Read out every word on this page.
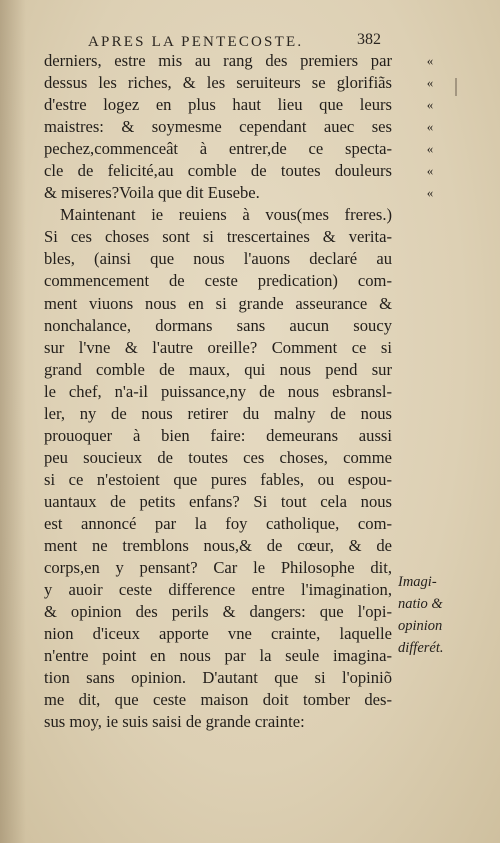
APRES LA PENTECOSTE.	382
derniers, estre mis au rang des premiers par
dessus les riches, & les seruiteurs se glorifiãs
d'estre logez en plus haut lieu que leurs
maistres: & soymesme cependant auec ses
pechez,commenceât à entrer,de ce specta-
cle de felicité,au comble de toutes douleurs
& miseres?Voila que dit Eusebe.
Maintenant ie reuiens à vous(mes freres.)
Si ces choses sont si trescertaines & verita-
bles, (ainsi que nous l'auons declaré au
commencement de ceste predication) com-
ment viuons nous en si grande asseurance &
nonchalance, dormans sans aucun soucy
sur l'vne & l'autre oreille? Comment ce si
grand comble de maux, qui nous pend sur
le chef, n'a-il puissance,ny de nous esbransl-
ler, ny de nous retirer du malny de nous
prouoquer à bien faire: demeurans aussi
peu soucieux de toutes ces choses, comme
si ce n'estoient que pures fables, ou espou-
uantaux de petits enfans? Si tout cela nous
est annoncé par la foy catholique, com-
ment ne tremblons nous,& de cœur, & de
corps,en y pensant? Car le Philosophe dit,
y auoir ceste difference entre l'imagination,
& opinion des perils & dangers: que l'opi-
nion d'iceux apporte vne crainte, laquelle
n'entre point en nous par la seule imagina-
tion sans opinion. D'autant que si l'opiniõ
me dit, que ceste maison doit tomber des-
sus moy, ie suis saisi de grande crainte:
«
«
«
«
«
«
«
Imagi-
natio &
opinion
differét.
